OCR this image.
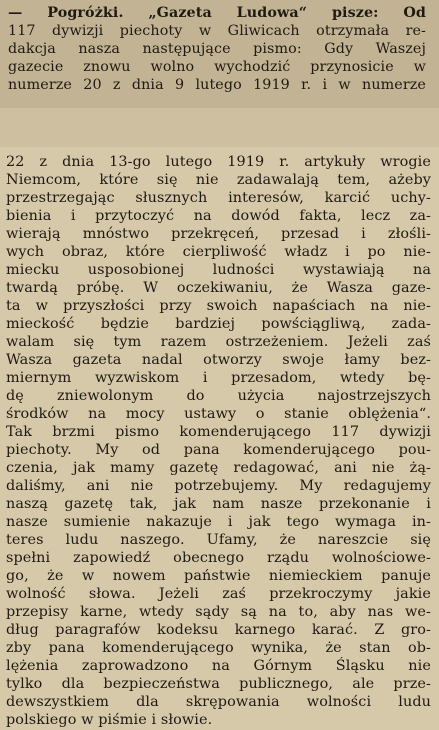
— Pogróżki. „Gazeta Ludowa“ pisze: Od

117 dywizji piechoty w Gliwicach otrzymała re-

dakcja nasza następujące pismo: Gdy Waszej

gazecie znowu wolno wychodzić przynosicie w

numerze 20 z dnia 9 lutego 1919 r. i w numerze

22 z dnia 13-go lutego 1919 r. artykuły wrogie

Niemcom, które się nie zadawalają tem, ażeby

przestrzegając słusznych interesów, karcić uchy-

bienia i przytoczyć na dowód fakta, lecz za-

wierają mnóstwo przekręceń, przesad i złośli-

wych obraz, które cierpliwość władz i po nie-

miecku usposobionej ludności wystawiają na

twardą próbę. W oczekiwaniu, że Wasza gaze-

ta w przyszłości przy swoich napaściach na nie-

mieckość będzie bardziej powściągliwą, zada-

walam się tym razem ostrzeżeniem. Jeżeli zaś

Wasza gazeta nadal otworzy swoje łamy bez-

miernym wyzwiskom i przesadom, wtedy bę-

dę zniewolonym do użycia najostrzejszych

środków na mocy ustawy o stanie oblężenia“.

Tak brzmi pismo komenderującego 117 dywizji

piechoty. My od pana komenderującego pou-

czenia, jak mamy gazetę redagować, ani nie żą-

daliśmy, ani nie potrzebujemy. My redagujemy

naszą gazetę tak, jak nam nasze przekonanie i

nasze sumienie nakazuje i jak tego wymaga in-

teres ludu naszego. Ufamy, że nareszcie się

spełni zapowiedź obecnego rządu wolnościowe-

go, że w nowem państwie niemieckiem panuje

wolność słowa. Jeżeli zaś przekroczymy jakie

przepisy karne, wtedy sądy są na to, aby nas we-

dług paragrafów kodeksu karnego karać. Z gro-

zby pana komenderującego wynika, że stan ob-

lężenia zaprowadzono na Górnym Śląsku nie

tylko dla bezpieczeństwa publicznego, ale prze-

dewszystkiem dla skrępowania wolności ludu

polskiego w piśmie i słowie.
